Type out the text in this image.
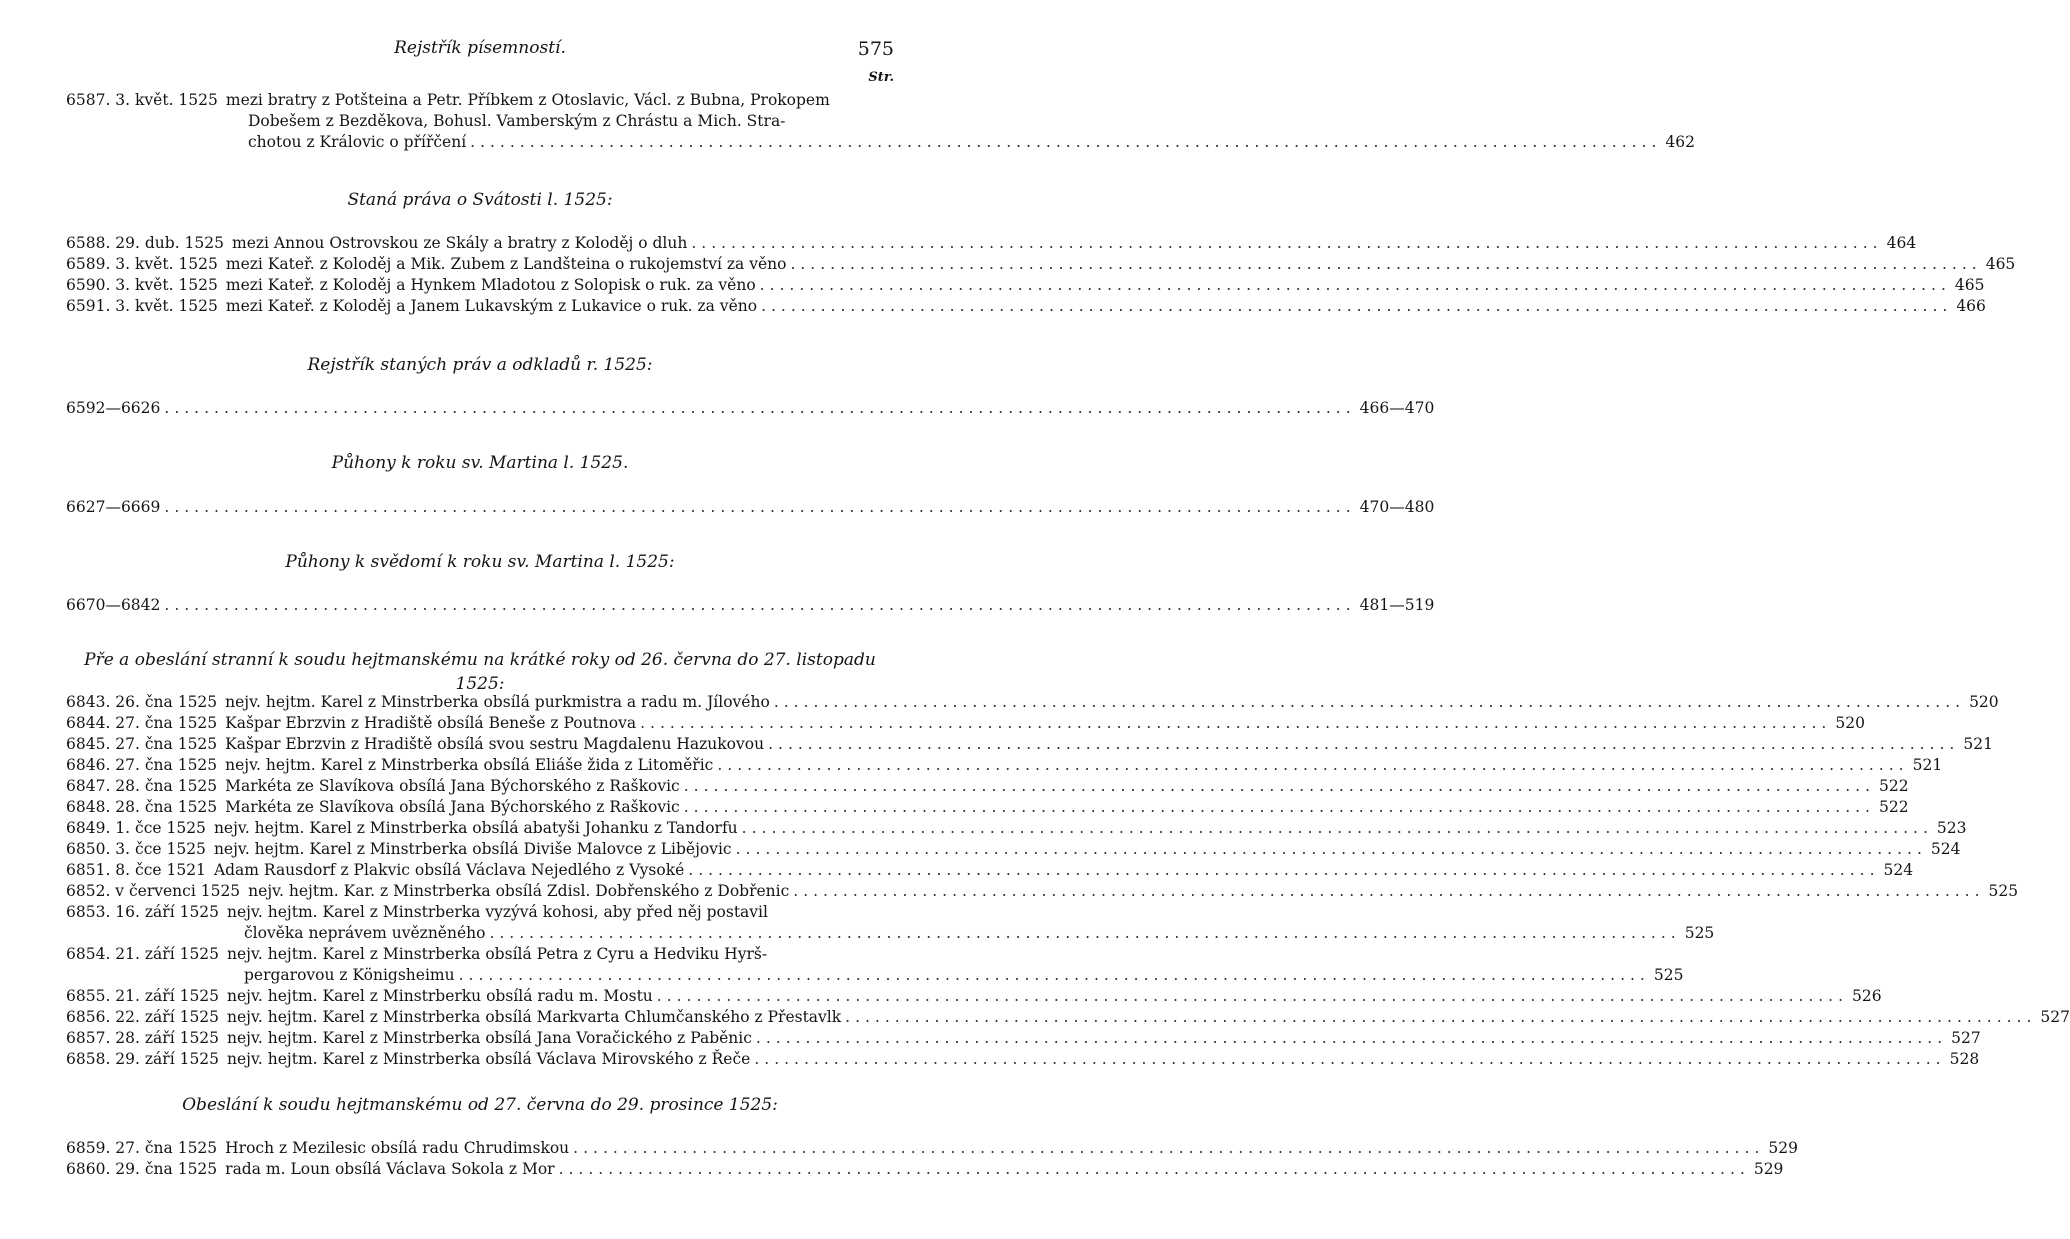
Rejstřík písemností.	575
Str.
6587. 3. květ. 1525 mezi bratry z Potšteina a Petr. Příbkem z Otoslavic, Václ. z Bubna, Prokopem
Dobešem z Bezděkova, Bohusl. Vamberským z Chrástu a Mich. Stra-
chotou z Královic o přířčení ........................................................................................................................ 462
Staná práva o Svátosti l. 1525:
6588. 29. dub. 1525 mezi Annou Ostrovskou ze Skály a bratry z Koloděj o dluh ........................................................................................................................ 464
6589. 3. květ. 1525 mezi Kateř. z Koloděj a Mik. Zubem z Landšteina o rukojemství za věno ........................................................................................................................ 465
6590. 3. květ. 1525 mezi Kateř. z Koloděj a Hynkem Mladotou z Solopisk o ruk. za věno ........................................................................................................................ 465
6591. 3. květ. 1525 mezi Kateř. z Koloděj a Janem Lukavským z Lukavice o ruk. za věno ........................................................................................................................ 466
Rejstřík staných práv a odkladů r. 1525:
6592—6626 ........................................................................................................................ 466—470
Půhony k roku sv. Martina l. 1525.
6627—6669 ........................................................................................................................ 470—480
Půhony k svědomí k roku sv. Martina l. 1525:
6670—6842 ........................................................................................................................ 481—519
Pře a obeslání stranní k soudu hejtmanskému na krátké roky od 26. června do 27. listopadu 1525:
6843. 26. čna 1525 nejv. hejtm. Karel z Minstrberka obsílá purkmistra a radu m. Jílového ........................................................................................................................ 520
6844. 27. čna 1525 Kašpar Ebrzvin z Hradiště obsílá Beneše z Poutnova ........................................................................................................................ 520
6845. 27. čna 1525 Kašpar Ebrzvin z Hradiště obsílá svou sestru Magdalenu Hazukovou ........................................................................................................................ 521
6846. 27. čna 1525 nejv. hejtm. Karel z Minstrberka obsílá Eliáše žida z Litoměřic ........................................................................................................................ 521
6847. 28. čna 1525 Markéta ze Slavíkova obsílá Jana Býchorského z Raškovic ........................................................................................................................ 522
6848. 28. čna 1525 Markéta ze Slavíkova obsílá Jana Býchorského z Raškovic ........................................................................................................................ 522
6849. 1. čce 1525 nejv. hejtm. Karel z Minstrberka obsílá abatyši Johanku z Tandorfu ........................................................................................................................ 523
6850. 3. čce 1525 nejv. hejtm. Karel z Minstrberka obsílá Diviše Malovce z Libějovic ........................................................................................................................ 524
6851. 8. čce 1521 Adam Rausdorf z Plakvic obsílá Václava Nejedlého z Vysoké ........................................................................................................................ 524
6852. v červenci 1525 nejv. hejtm. Kar. z Minstrberka obsílá Zdisl. Dobřenského z Dobřenic ........................................................................................................................ 525
6853. 16. září 1525 nejv. hejtm. Karel z Minstrberka vyzývá kohosi, aby před něj postavil
člověka neprávem uvězněného ........................................................................................................................ 525
6854. 21. září 1525 nejv. hejtm. Karel z Minstrberka obsílá Petra z Cyru a Hedviku Hyrš-
pergarovou z Königsheimu ........................................................................................................................ 525
6855. 21. září 1525 nejv. hejtm. Karel z Minstrberku obsílá radu m. Mostu ........................................................................................................................ 526
6856. 22. září 1525 nejv. hejtm. Karel z Minstrberka obsílá Markvarta Chlumčanského z Přestavlk ........................................................................................................................ 527
6857. 28. září 1525 nejv. hejtm. Karel z Minstrberka obsílá Jana Voračického z Paběnic ........................................................................................................................ 527
6858. 29. září 1525 nejv. hejtm. Karel z Minstrberka obsílá Václava Mirovského z Řeče ........................................................................................................................ 528
Obeslání k soudu hejtmanskému od 27. června do 29. prosince 1525:
6859. 27. čna 1525 Hroch z Mezilesic obsílá radu Chrudimskou ........................................................................................................................ 529
6860. 29. čna 1525 rada m. Loun obsílá Václava Sokola z Mor ........................................................................................................................ 529
